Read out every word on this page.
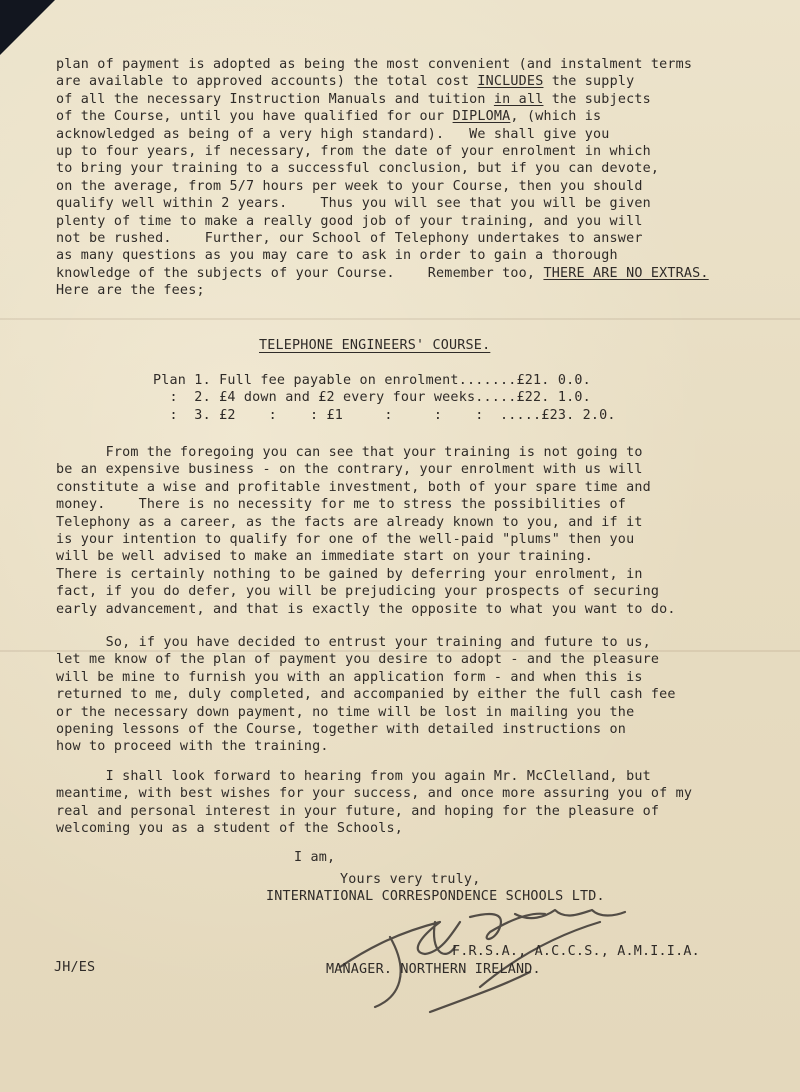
plan of payment is adopted as being the most convenient (and instalment terms
are available to approved accounts) the total cost INCLUDES the supply
of all the necessary Instruction Manuals and tuition in all the subjects
of the Course, until you have qualified for our DIPLOMA, (which is
acknowledged as being of a very high standard).   We shall give you
up to four years, if necessary, from the date of your enrolment in which
to bring your training to a successful conclusion, but if you can devote,
on the average, from 5/7 hours per week to your Course, then you should
qualify well within 2 years.    Thus you will see that you will be given
plenty of time to make a really good job of your training, and you will
not be rushed.    Further, our School of Telephony undertakes to answer
as many questions as you may care to ask in order to gain a thorough
knowledge of the subjects of your Course.    Remember too, THERE ARE NO EXTRAS.
Here are the fees;
TELEPHONE ENGINEERS' COURSE.
Plan 1. Full fee payable on enrolment.......£21. 0.0.
:  2. £4 down and £2 every four weeks.....£22. 1.0.
:  3. £2    :    : £1     :     :    :  .....£23. 2.0.
From the foregoing you can see that your training is not going to
be an expensive business - on the contrary, your enrolment with us will
constitute a wise and profitable investment, both of your spare time and
money.    There is no necessity for me to stress the possibilities of
Telephony as a career, as the facts are already known to you, and if it
is your intention to qualify for one of the well-paid "plums" then you
will be well advised to make an immediate start on your training.
There is certainly nothing to be gained by deferring your enrolment, in
fact, if you do defer, you will be prejudicing your prospects of securing
early advancement, and that is exactly the opposite to what you want to do.
So, if you have decided to entrust your training and future to us,
let me know of the plan of payment you desire to adopt - and the pleasure
will be mine to furnish you with an application form - and when this is
returned to me, duly completed, and accompanied by either the full cash fee
or the necessary down payment, no time will be lost in mailing you the
opening lessons of the Course, together with detailed instructions on
how to proceed with the training.
I shall look forward to hearing from you again Mr. McClelland, but
meantime, with best wishes for your success, and once more assuring you of my
real and personal interest in your future, and hoping for the pleasure of
welcoming you as a student of the Schools,
I am,
Yours very truly,
INTERNATIONAL CORRESPONDENCE SCHOOLS LTD.
F.R.S.A., A.C.C.S., A.M.I.I.A.
JH/ES	MANAGER. NORTHERN IRELAND.
